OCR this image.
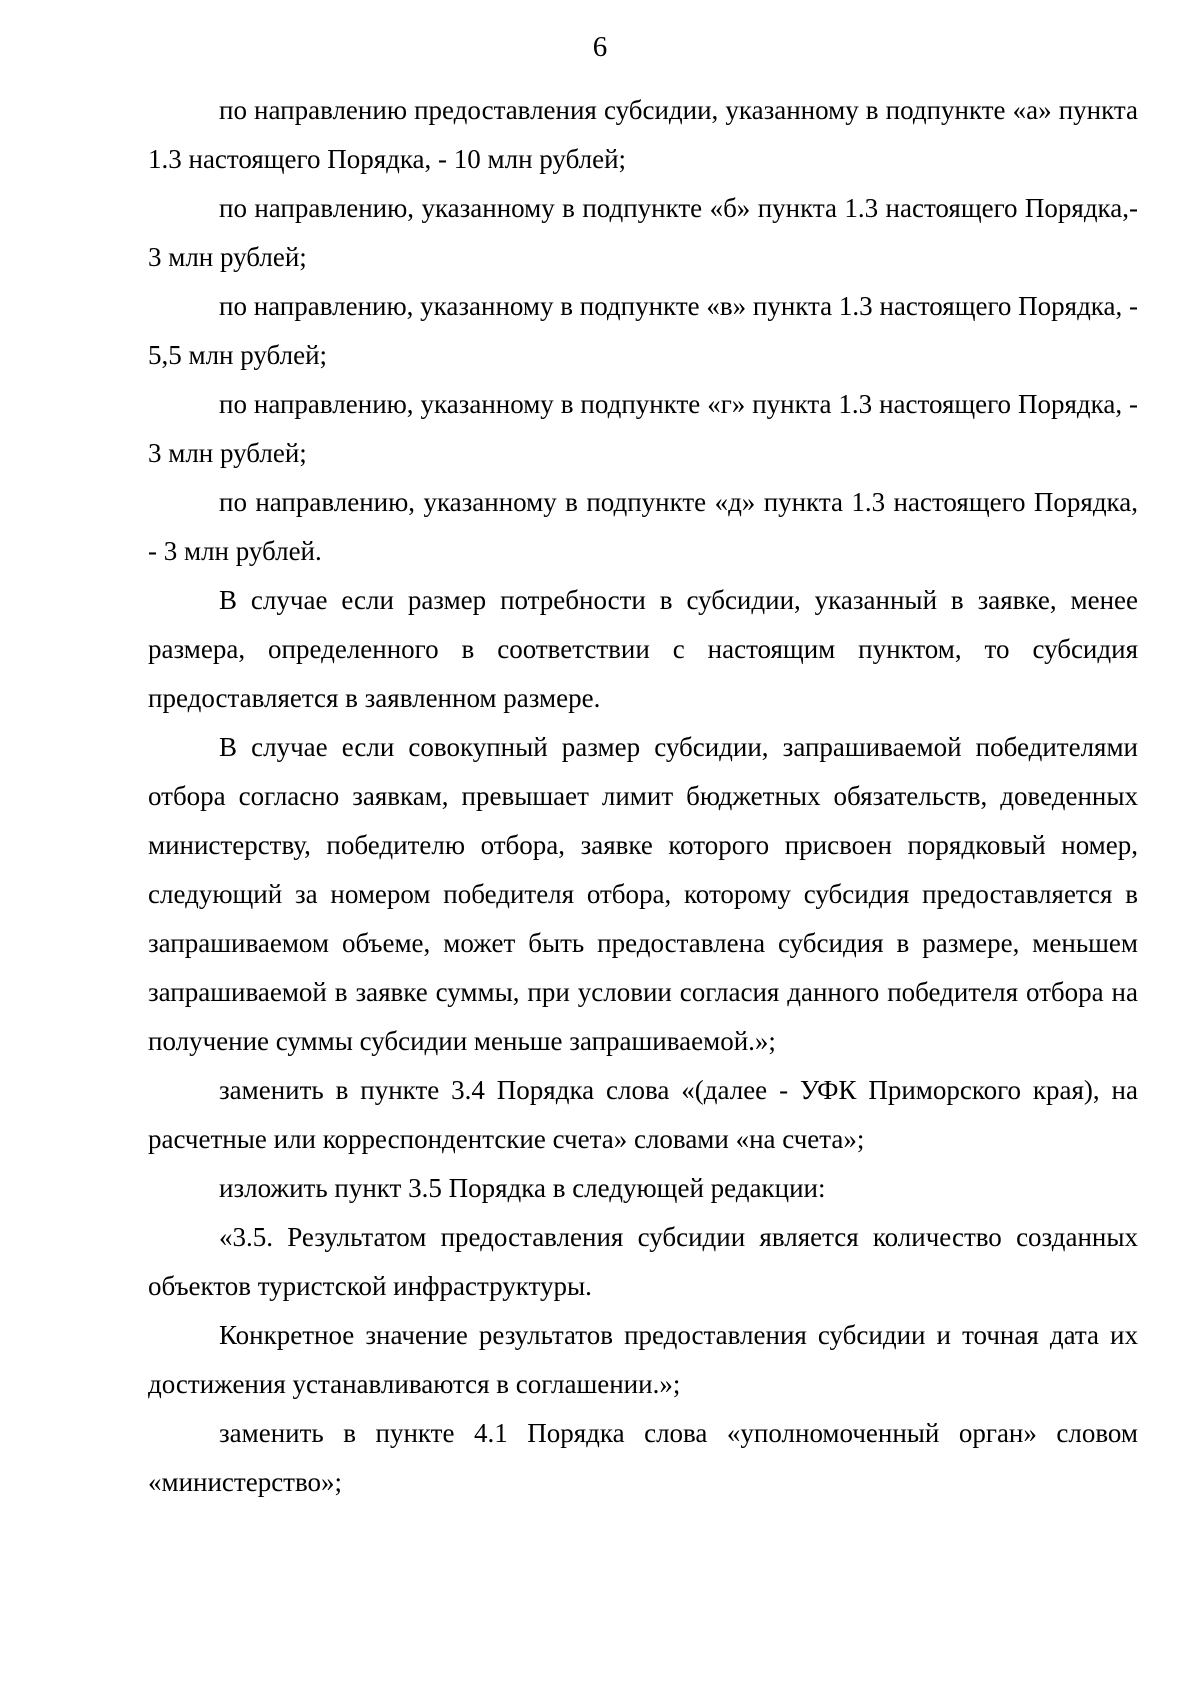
6

по направлению предоставления субсидии, указанному в подпункте «а» пункта 1.3 настоящего Порядка, - 10 млн рублей;

по направлению, указанному в подпункте «б» пункта 1.3 настоящего Порядка,- 3 млн рублей;

по направлению, указанному в подпункте «в» пункта 1.3 настоящего Порядка, - 5,5 млн рублей;

по направлению, указанному в подпункте «г» пункта 1.3 настоящего Порядка, - 3 млн рублей;

по направлению, указанному в подпункте «д» пункта 1.3 настоящего Порядка, - 3 млн рублей.

В случае если размер потребности в субсидии, указанный в заявке, менее размера, определенного в соответствии с настоящим пунктом, то субсидия предоставляется в заявленном размере.

В случае если совокупный размер субсидии, запрашиваемой победителями отбора согласно заявкам, превышает лимит бюджетных обязательств, доведенных министерству, победителю отбора, заявке которого присвоен порядковый номер, следующий за номером победителя отбора, которому субсидия предоставляется в запрашиваемом объеме, может быть предоставлена субсидия в размере, меньшем запрашиваемой в заявке суммы, при условии согласия данного победителя отбора на получение суммы субсидии меньше запрашиваемой.»;

заменить в пункте 3.4 Порядка слова «(далее - УФК Приморского края), на расчетные или корреспондентские счета» словами «на счета»;

изложить пункт 3.5 Порядка в следующей редакции:

«3.5. Результатом предоставления субсидии является количество созданных объектов туристской инфраструктуры.

Конкретное значение результатов предоставления субсидии и точная дата их достижения устанавливаются в соглашении.»;

заменить в пункте 4.1 Порядка слова «уполномоченный орган» словом «министерство»;
